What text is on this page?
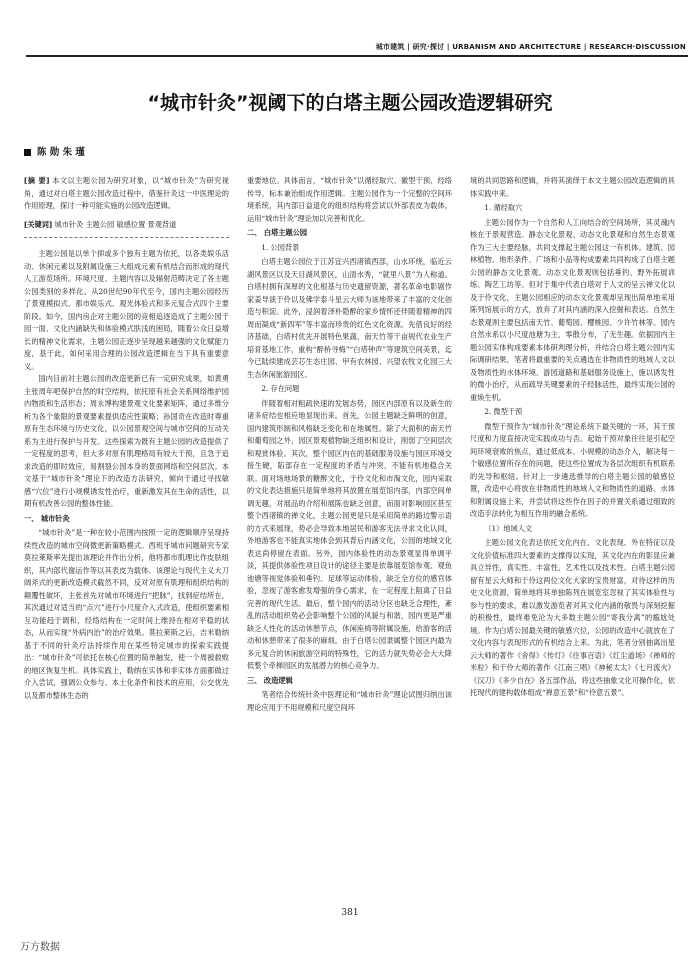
城市建筑 | 研究·探讨 | URBANISM AND ARCHITECTURE | RESEARCH·DISCUSSION
“城市针灸”视阈下的白塔主题公园改造逻辑研究
陈 勋 朱 瑾

[摘 要] 本文以主题公园为研究对象，以“城市针灸”为研究视角，通过对白塔主题公园改造过程中，借鉴针灸这一中医理论的作用原理，探讨一种可能实施的公园改造逻辑。

[关键词] 城市针灸 主题公园 敏感位置 景观背道

主题公园是以单个抑或多个独有主题为依托，以各类娱乐活动、休闲元素以及附属设施三大组成元素有机结合而形成的现代人工游览场所。环境尺度、主题内容以及辐射范畴决定了各主题公园类别的多样化。从20世纪90年代至今，国内主题公园经历了景观模拟式、都市娱乐式、观光体验式和多元复合式四个主要阶段。如今，国内房企对主题公园的竞相追逐造成了主题公园千园一面、文化内涵缺失和体验模式肤浅的困局，随着公众日益增长的精神文化需求，主题公园正逐步呈现越来越强的文化赋能力度，基于此，如何采用合理的公园改造逻辑在当下具有重要意义。

国内目前对主题公园的改造更新已有一定研究成果，如黄勇主张周年吧保护自然的时空结构，依托原有社会关系网络维护园内物质和生活形态；周永博构建景观文化要素矩阵，通过多维分析为各个象限的景观要素提供适应性策略；孙国奇在改造时尊重原有生态环境与历史文化，以公园景观空间与城市空间的互动关系为主进行保护与开发。这些探索为既有主题公园的改造提供了一定程度的思考，但大多对原有肌理格局有较大干预，且急于追求改造的即时效应，易割裂公园本身的景面网络和空间层次。本文基于“城市针灸”理论下的改造方法研究，倾向于通过寻找敏感“穴位”进行小规模诱发性治疗，重新激发其在生命的活性，以期有机改善公园的整体性能。

一、 城市针灸

“城市针灸”是一种在较小范围内按照一定的逻辑顺序呈现持续性改造的城市空间微更新策略模式。西班牙城市问题研究专家莫拉莱斯率先提出该理论并作出分析，他将都市肌理比作皮肤组织，其内部代谢运作等以其表皮为载体。该理论与现代主义大刀阔斧式的更新改造模式截然不同，反对对原有肌理和组织结构的颠覆性破坏，主张首先对城市环境进行“把脉”，找到症结所在，其次通过对适当的“点穴”进行小尺度介入式改造，使组织要素相互功能趋于调和，经络结构在一定时间上维持在相对平稳的状态，从而实现“外病内治”的治疗效果。莫拉莱斯之后，吉米勒纳基于不同的针灸疗法持续作用在某些特定城市的探索实践提出：“城市针灸”可依托在核心位置的简单触发，使一个周被救败的地区恢复生机。具体实践上，勒纳在实体和非实体方面都做过介入尝试，强调公众参与、本土化条件和技术的应用，公交优先以及都市整体生态的

重要地位。具体而言，“城市针灸”以循经取穴、徽型干预、经络传导、标本兼治组成作用逻辑。主题公园作为一个完整的空间环境系统，其内部日益退化的组织结构将尝试以外部表皮为载体，运用“城市针灸”理论加以完善和优化。

二、 白塔主题公园

1. 公园背景

白塔主题公园位于江苏宜兴西渚镇西部，山水环绕，临近云湖风景区以及天目湖风景区，山清水秀，“就里八景”为人称道。白塔村拥有深厚的文化根基与历史遗留资源，著名革命电影剧作家姜导演于伶以及佛学泰斗星云大师为该地带来了丰富的文化创造与积淀。此外，浸润着泽朴隐醉的家乡情怀还伴随着精神的四周而凝成“新四军”等丰富而珍贵的红色文化资源。先借良好的经济基础，白塔村优先开展特色果蔬、南天竹等干亩规代农业生产培育基地工作，重构“醉桥寻梅”“白塔钟声”等建筑空间美景，迄今已陆续建成芸芯生态庄园、甲有农林园、兴望农牧文化园三大生态休闲旅游园区。

2. 存在问题

伴随着相对粗疏快速的发展态势，园区内部原有以及新生的诸多症结也相应地显现出来。首先，公园主题缺乏鲜明的创意，国内建筑形制和风格缺乏变化和在地属性。除了大面积的南天竹和葡萄园之外，园区景观植物缺乏组织和设计，削弱了空间层次和观赏体验。其次，整个园区内在的基础服务设施与园区环境交接生硬，陷部存在一定程度的矛盾与冲突，不能有机地稳合关联。面对场地场景的糖醉文化，于伶文化和市淘文化，园内采取的文化表达措施只是简单地将其放置在展览馆内部，内部空间单调无趣，对展品的介绍和展陈也缺乏创意，而面对影响园区甚至整个西渚镇的禅文化，主题公园更是只是采用简单的路边警示语的方式来展现，势必会导致本地居民和游客无法寻求文化认同，外地游客也不能真实地体会到其背后内涵文化，公园的地域文化表达尚停留在表面。另外，园内体验性的动态景观显得单调平淡，其提供体验性项目设计的途径主要是依靠展览馆参观、观鱼池塘等视觉体验和垂钓、足球等运动体验，缺乏全方位的感官体验，忽视了游客愈发增强的身心需求，在一定程度上阻离了日益完善的现代生活。最后，整个园内的活动分区也缺乏合理性，紊乱的活动组织势必会影响整个公园的风貌与和谐，园内更是严重缺乏人性化的活动休憩节点，休闲座椅等附属设施，给游客的活动和休憩带来了很多的麻烦。由于白塔公园隶属整个园区内最为多元复合的休闲旅游空间的特殊性，它的活力就失势必会大大降低整个牵梯园区的发展潜力的核心竞争力。

三、 改造逻辑

笔者结合传统针灸中医理论和“城市针灸”理论试图归纳出该理论应用于不用规模和尺度空间环

境的共同思路和逻辑，并将其演绎于本文主题公园改造逻辑的具体实践中来。

1. 循经取穴

主题公园作为一个自然和人工向结合的空间场所，其灵魂内核在于景观营造。静态文化景观、动态文化景观和自然生态景观作为三大主要经脉，共同支撑起主题公园这一有机体。建筑、园林植物、地形条件、广场和小品等构成要素共同构成了白塔主题公园的静态文化景观。动态文化景观则包括垂钓、野外拓展训练、陶艺工坊等。但对于集中代表白塔对于人文的呈云禅文化以及于伶文化，主题公园相应的动态文化景观却呈现出简单地采用陈列馆展示的方式，放弃了对其内涵的深入挖掘和表达。自然生态景观则主要包括南天竹、葡萄园、樱桃园、少许竹林等。园内自然水系以小尺度池塘为主，零散分布，了无生趣。依据园内主题公园实体构成要素本体研判理分析，并结合白塔主题公园内实际调研结果，笔者将最重要的关点遴选在非物质性的地域人文以及物质性的水体环境、游园道路和基础服务设施上，施以诱发性的微小治疗，从而疏导关键要素的子经脉活性，最终实现公园的重焕生机。

2. 微型干预

微型干预作为“城市针灸”理论系统下最关键的一环，其干预尺度和力度直接决定实践成功与否。起始干预对象往往是引起空间环境衰败的焦点，通过低成本、小规模的动态介入，解决每一个敏感位置所存在的问题，使这些位置成为各层次组织有机联系的先导和枢纽。针对上一步遴选推导的白塔主题公园的敏感位置，改造中心将放在非物质性的地域人文和物质性的道路、水体和附属设施上来，并尝试将这些作在因子的并置关系通过细致的改造手法转化为相互作用的融合系统。

（1）地域人文

主题公园文化表达依托文化内在、文化表现、外在特征以及文化价值标准四大要素的支撑得以实现，其文化内在的影显应兼具立异性，真实性、丰富性、艺术性以及技术性。白塔主题公园留有星云大师和于伶这两位文化大家的宝贵财富，对待这样的历史文化资源，简单地将其单独陈列在展览室忽视了其实体验性与参与性的要求，难以激发游览者对其文化内涵的敬畏与深刻挖掘的积极性，最终难免沦为大多数主题公园“寄我分离”的尴尬处境。作为白塔公园最关键的敏感穴位，公园的改造中心就放在了文化内容与表现形式的有机结合上来。为此，笔者分别抽离出星云大师的著作《舍得》《传灯》《往事百语》《红尘道场》《禅师的米粒》和于伶大师的著作《江南三唱》《神秘太太》《七月流火》《汉刀》《多少自在》各五部作品，将这些抽象文化可操作化，依托现代的建构载体组成“禅意五景”和“伶意五景”。

381
万方数据
